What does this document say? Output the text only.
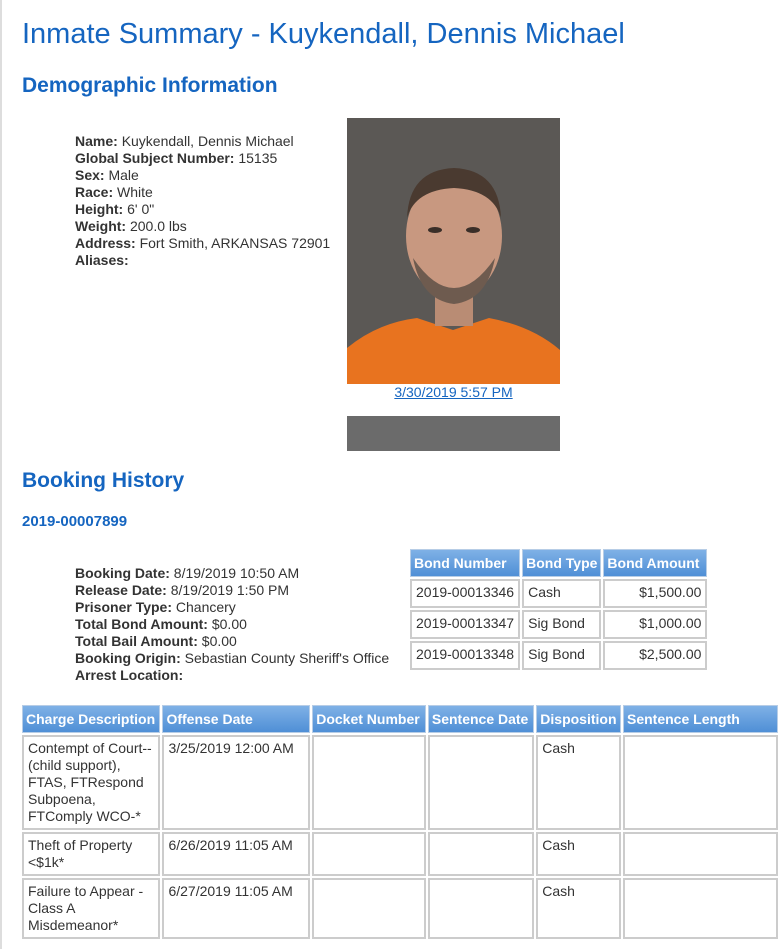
Inmate Summary - Kuykendall, Dennis Michael
Demographic Information
Name: Kuykendall, Dennis Michael
Global Subject Number: 15135
Sex: Male
Race: White
Height: 6' 0"
Weight: 200.0 lbs
Address: Fort Smith, ARKANSAS 72901
Aliases:
3/30/2019 5:57 PM
Booking History
2019-00007899
Booking Date: 8/19/2019 10:50 AM
Release Date: 8/19/2019 1:50 PM
Prisoner Type: Chancery
Total Bond Amount: $0.00
Total Bail Amount: $0.00
Booking Origin: Sebastian County Sheriff's Office
Arrest Location:
Bond Number	Bond Type	Bond Amount
2019-00013346	Cash	$1,500.00
2019-00013347	Sig Bond	$1,000.00
2019-00013348	Sig Bond	$2,500.00
Charge Description	Offense Date	Docket Number	Sentence Date	Disposition	Sentence Length
Contempt of Court--(child support), FTAS, FTRespond Subpoena, FTComply WCO-*	3/25/2019 12:00 AM			Cash	
Theft of Property <$1k*	6/26/2019 11:05 AM			Cash	
Failure to Appear - Class A Misdemeanor*	6/27/2019 11:05 AM			Cash	
